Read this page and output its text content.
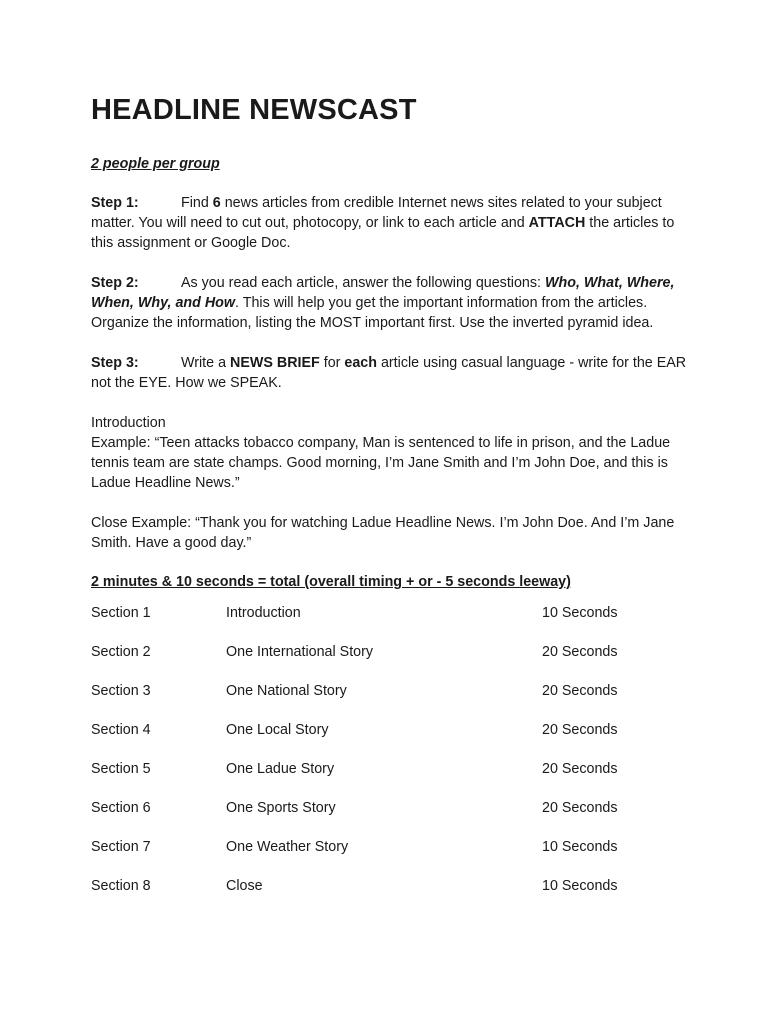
HEADLINE NEWSCAST
2 people per group
Step 1:	Find 6 news articles from credible Internet news sites related to your subject matter. You will need to cut out, photocopy, or link to each article and ATTACH the articles to this assignment or Google Doc.
Step 2:	As you read each article, answer the following questions: Who, What, Where, When, Why, and How. This will help you get the important information from the articles. Organize the information, listing the MOST important first. Use the inverted pyramid idea.
Step 3:	Write a NEWS BRIEF for each article using casual language - write for the EAR not the EYE. How we SPEAK.
Introduction
Example: “Teen attacks tobacco company, Man is sentenced to life in prison, and the Ladue tennis team are state champs. Good morning, I’m Jane Smith and I’m John Doe, and this is Ladue Headline News.”
Close Example: “Thank you for watching Ladue Headline News. I’m John Doe. And I’m Jane Smith. Have a good day.”
2 minutes & 10 seconds = total (overall timing + or - 5 seconds leeway)
Section 1	Introduction	10 Seconds
Section 2	One International Story	20 Seconds
Section 3	One National Story	20 Seconds
Section 4	One Local Story	20 Seconds
Section 5	One Ladue Story	20 Seconds
Section 6	One Sports Story	20 Seconds
Section 7	One Weather Story	10 Seconds
Section 8	Close	10 Seconds
